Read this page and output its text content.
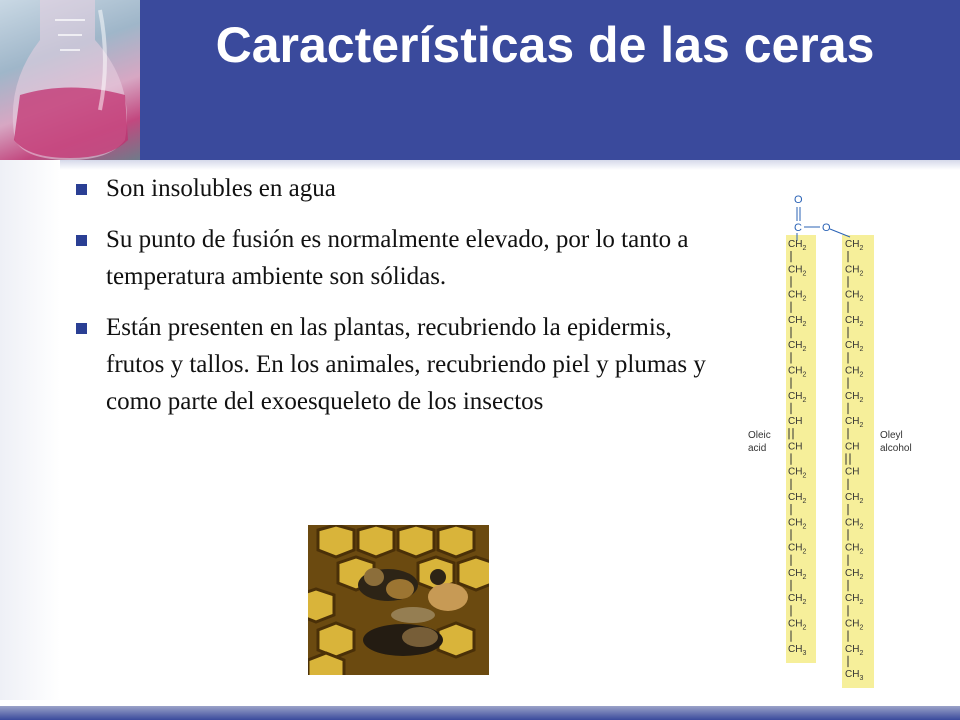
Características de las ceras
Son insolubles en agua
Su punto de fusión es normalmente elevado, por lo tanto a temperatura ambiente son sólidas.
Están presenten en las plantas, recubriendo la epidermis, frutos y tallos. En los animales, recubriendo piel y plumas y como parte del exoesqueleto de los insectos
O
C O
$CH_2$
$CH_2$
$CH_2$
$CH_2$
$CH_2$
$CH_2$
$CH_2$
CH
CH
$CH_2$
$CH_2$
$CH_2$
$CH_2$
$CH_2$
$CH_2$
$CH_2$
$CH_3$
$CH_2$
$CH_2$
$CH_2$
$CH_2$
$CH_2$
$CH_2$
$CH_2$
$CH_2$
CH
CH
$CH_2$
$CH_2$
$CH_2$
$CH_2$
$CH_2$
$CH_2$
$CH_2$
$CH_3$
Oleic
acid
Oleyl
alcohol
